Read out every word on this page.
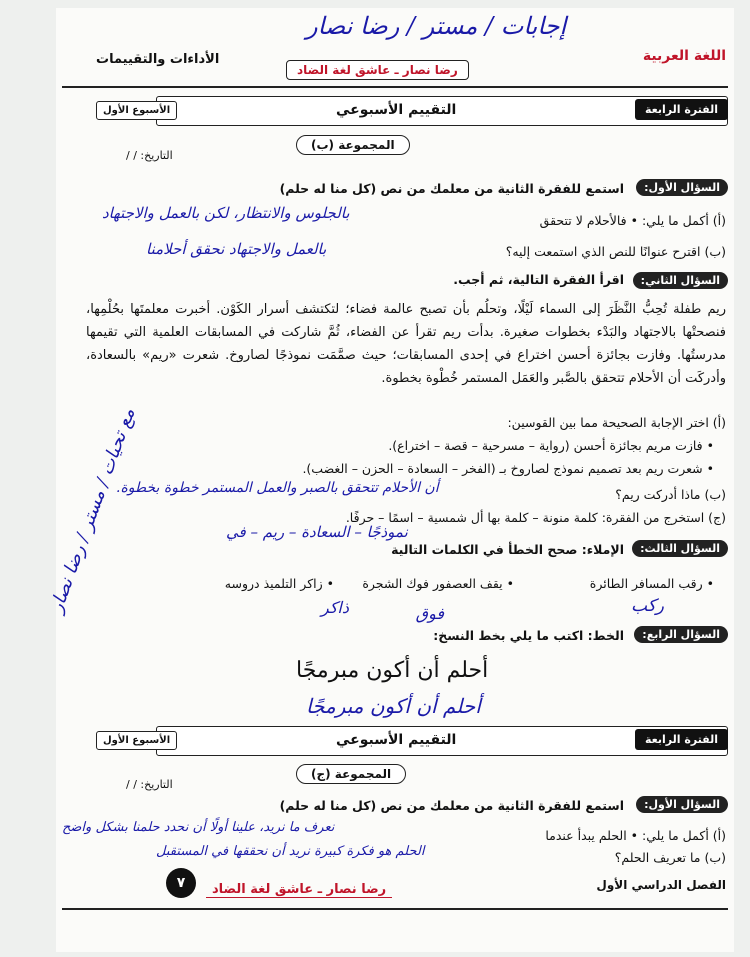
إجابات / مستر / رضا نصار
اللغة العربية
الأداءات والتقييمات
رضا نصار ـ عاشق لغة الضاد
الفترة الرابعة
التقييم الأسبوعي
الأسبوع الأول
المجموعة (ب)
التاريخ: / /
السؤال الأول:
استمع للفقرة الثانية من معلمك من نص (كل منا له حلم)
(أ) أكمل ما يلي: • فالأحلام لا تتحقق
بالجلوس والانتظار، لكن بالعمل والاجتهاد
(ب) اقترح عنوانًا للنص الذي استمعت إليه؟
بالعمل والاجتهاد نحقق أحلامنا
السؤال الثاني:
اقرأ الفقرة التالية، ثم أجب.
ريم طفلة تُحِبُّ النَّظَرَ إلى السماء لَيْلًا، وتحلُم بأن تصبح عالمة فضاء؛ لتكتشف أسرار الكَوْن. أخبرت معلمتَها بحُلْمِها، فنصحتْها بالاجتهاد والبَدْء بخطوات صغيرة. بدأت ريم تقرأ عن الفضاء، ثُمَّ شاركت في المسابقات العلمية التي تقيمها مدرستُها. وفازت بجائزة أحسن اختراع في إحدى المسابقات؛ حيث صمَّمَت نموذجًا لصاروخ. شعرت «ريم» بالسعادة، وأدركَت أن الأحلام تتحقق بالصَّبر والعَمَل المستمر خُطْوة بخطوة.
(أ) اختر الإجابة الصحيحة مما بين القوسين:
• فازت مريم بجائزة أحسن (رواية – مسرحية – قصة – اختراع).
• شعرت ريم بعد تصميم نموذج لصاروخ بـ (الفخر – السعادة – الحزن – الغضب).
(ب) ماذا أدركت ريم؟
أن الأحلام تتحقق بالصبر والعمل المستمر خطوة بخطوة.
(ج) استخرج من الفقرة: كلمة منونة – كلمة بها أل شمسية – اسمًا – حرفًا.
نموذجًا – السعادة – ريم – في
السؤال الثالث:
الإملاء: صحح الخطأ في الكلمات التالية
• رقب المسافر الطائرة
• يقف العصفور فوك الشجرة
• زاكر التلميذ دروسه
ركب
فوق
ذاكر
السؤال الرابع:
الخط: اكتب ما يلي بخط النسخ:
أحلم أن أكون مبرمجًا
أحلم أن أكون مبرمجًا
مع تحيات / مستر / رضا نصار
الفترة الرابعة
التقييم الأسبوعي
الأسبوع الأول
المجموعة (ج)
التاريخ: / /
السؤال الأول:
استمع للفقرة الثانية من معلمك من نص (كل منا له حلم)
(أ) أكمل ما يلي: • الحلم يبدأ عندما
نعرف ما نريد، علينا أولًا أن نحدد حلمنا بشكل واضح
(ب) ما تعريف الحلم؟
الحلم هو فكرة كبيرة نريد أن نحققها في المستقبل
٧	رضا نصار ـ عاشق لغة الضاد	الفصل الدراسي الأول
